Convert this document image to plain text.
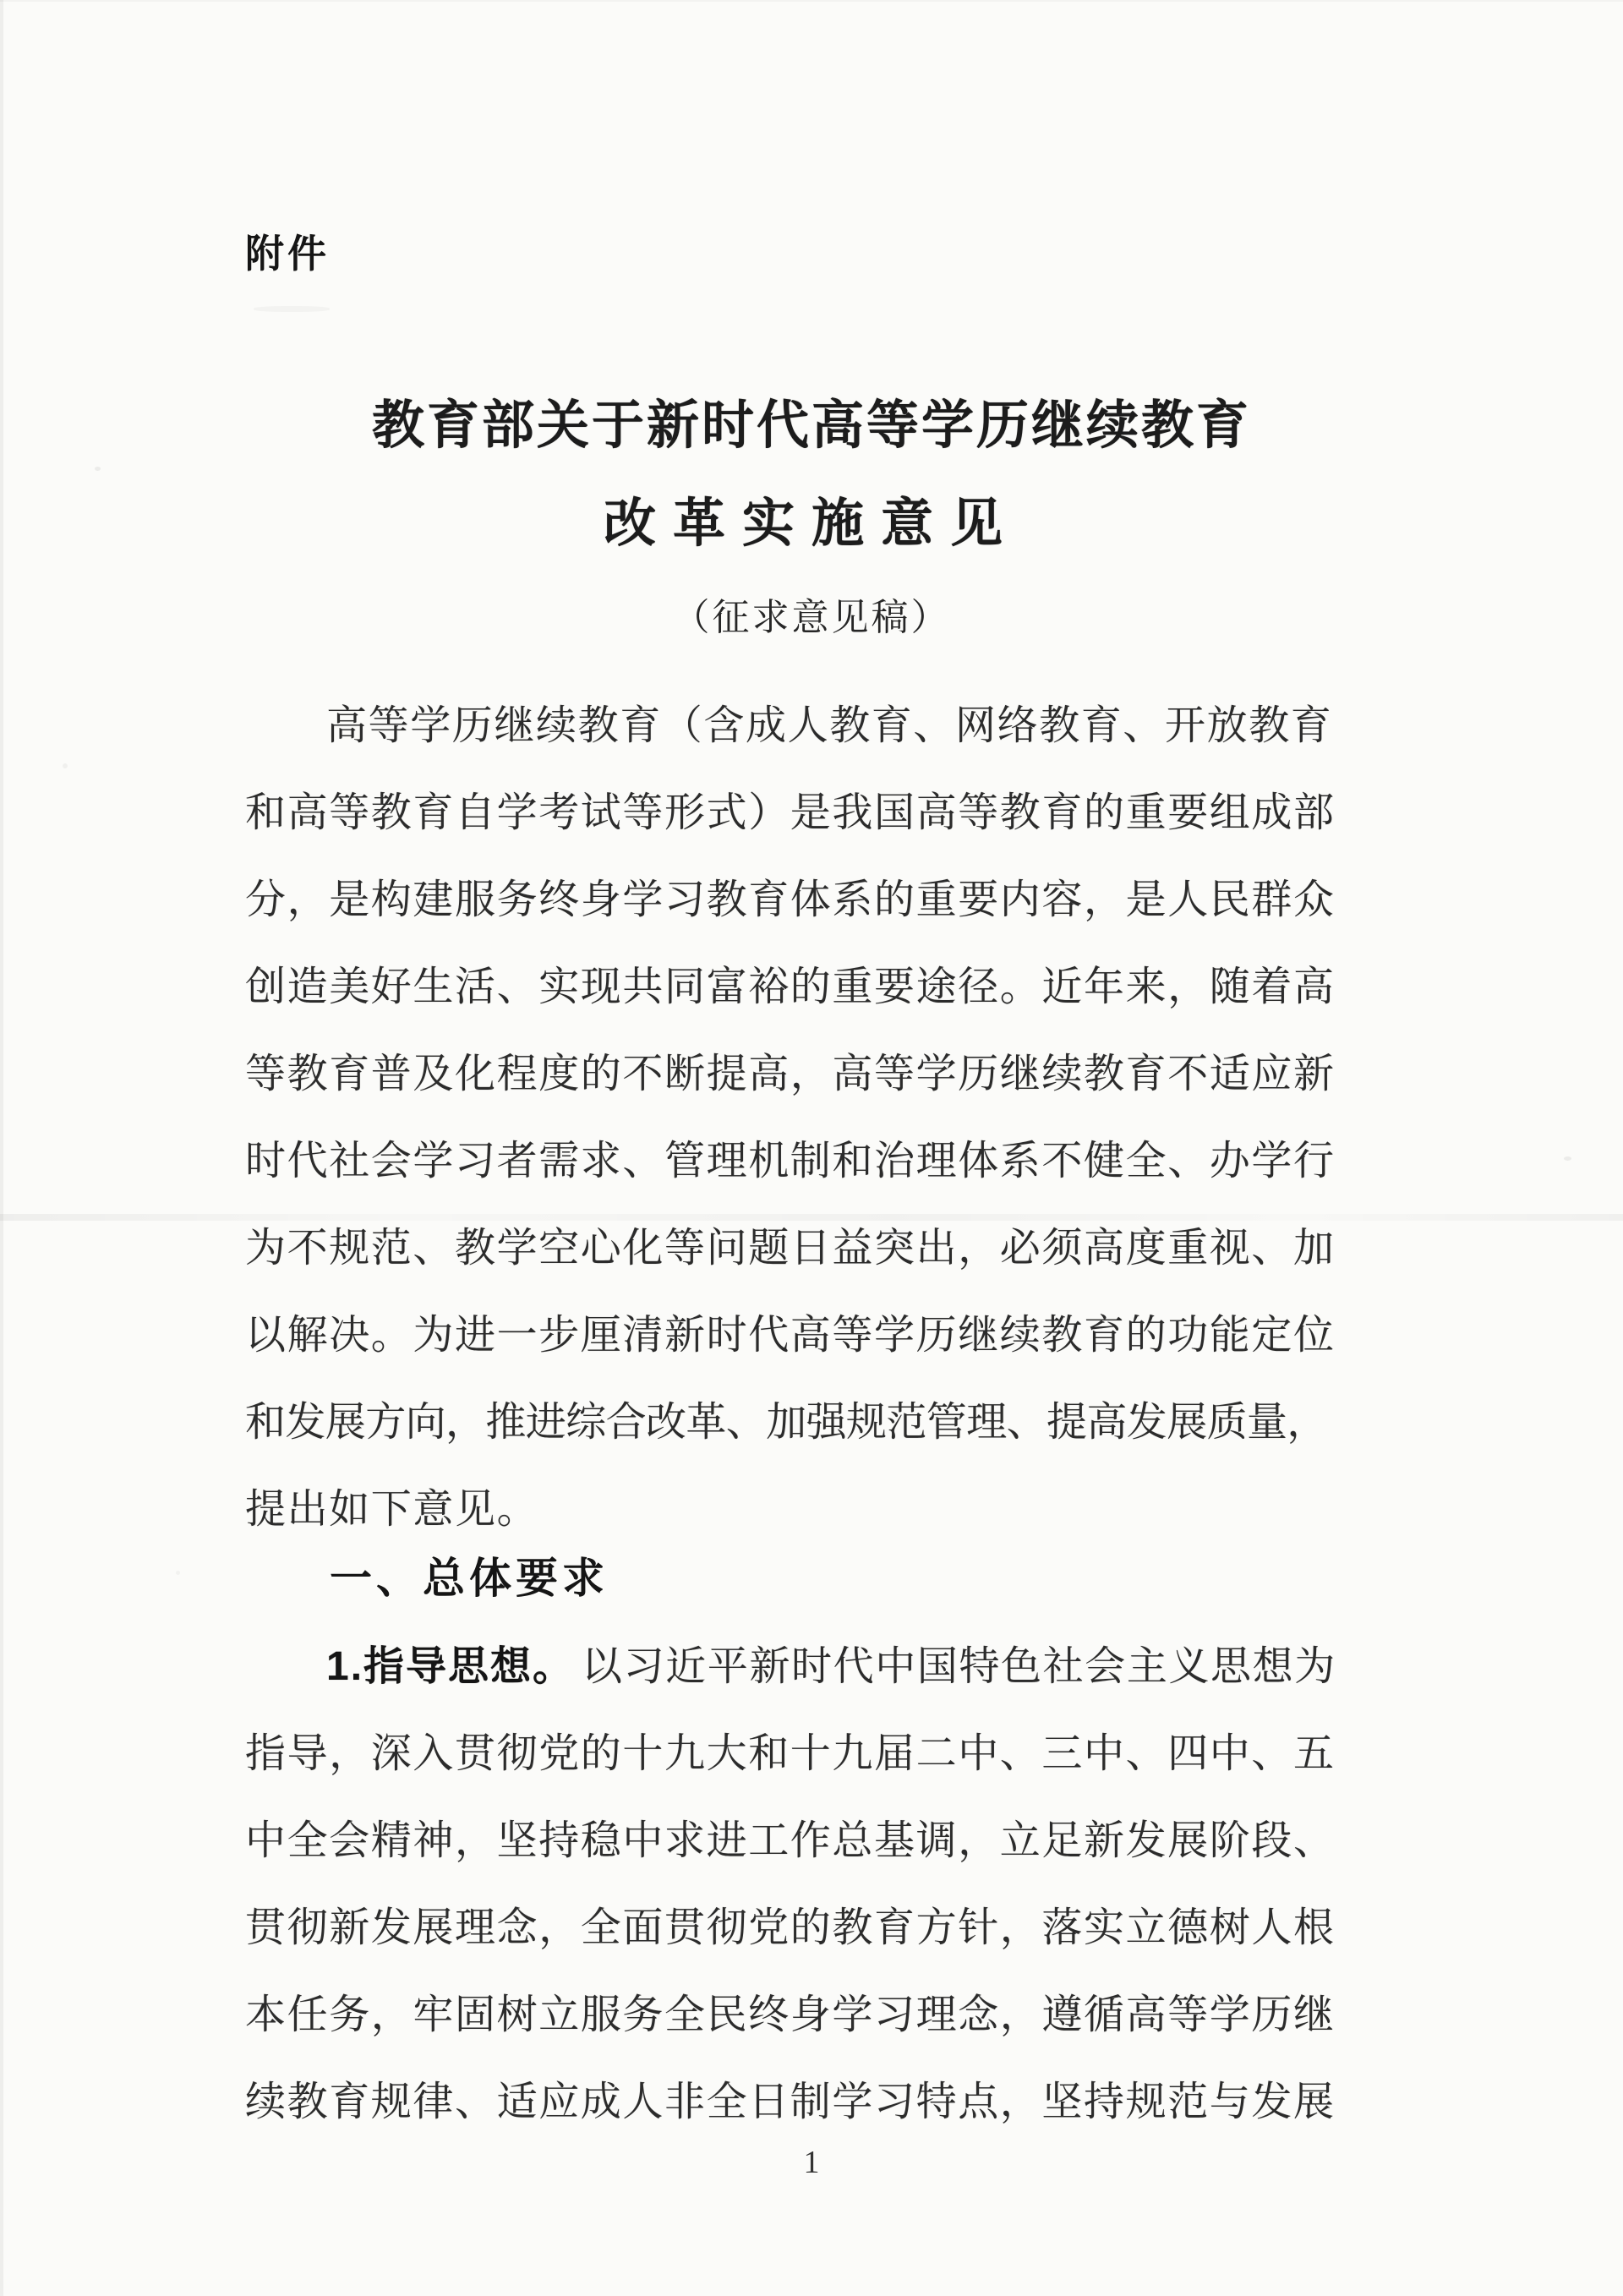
附件
教育部关于新时代高等学历继续教育
改革实施意见
（征求意见稿）
高等学历继续教育（含成人教育、网络教育、开放教育
和高等教育自学考试等形式）是我国高等教育的重要组成部
分，是构建服务终身学习教育体系的重要内容，是人民群众
创造美好生活、实现共同富裕的重要途径。近年来，随着高
等教育普及化程度的不断提高，高等学历继续教育不适应新
时代社会学习者需求、管理机制和治理体系不健全、办学行
为不规范、教学空心化等问题日益突出，必须高度重视、加
以解决。为进一步厘清新时代高等学历继续教育的功能定位
和发展方向，推进综合改革、加强规范管理、提高发展质量，
提出如下意见。
一、总体要求
1.指导思想。 以习近平新时代中国特色社会主义思想为
指导，深入贯彻党的十九大和十九届二中、三中、四中、五
中全会精神，坚持稳中求进工作总基调，立足新发展阶段、
贯彻新发展理念，全面贯彻党的教育方针，落实立德树人根
本任务，牢固树立服务全民终身学习理念，遵循高等学历继
续教育规律、适应成人非全日制学习特点，坚持规范与发展
1
